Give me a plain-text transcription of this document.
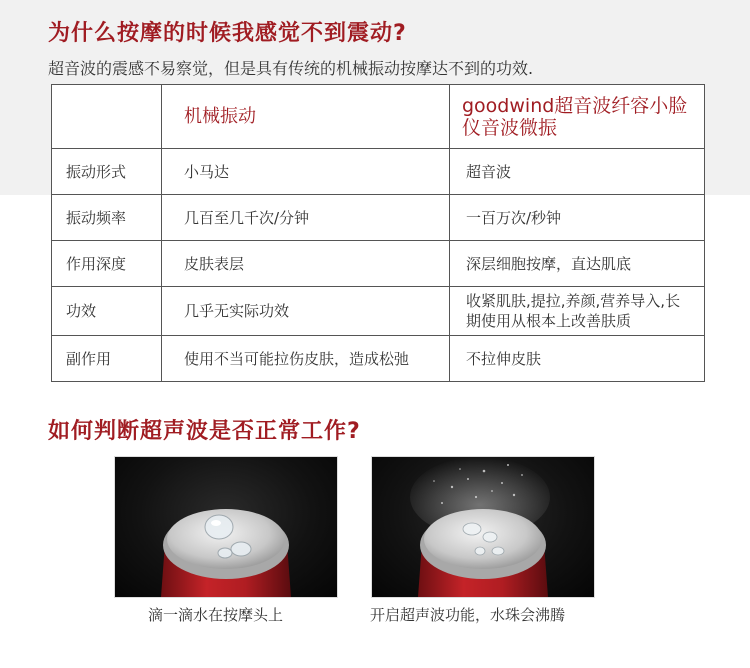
为什么按摩的时候我感觉不到震动?
超音波的震感不易察觉，但是具有传统的机械振动按摩达不到的功效.
	机械振动	goodwind超音波纤容小脸仪音波微振
振动形式	小马达	超音波
振动频率	几百至几千次/分钟	一百万次/秒钟
作用深度	皮肤表层	深层细胞按摩，直达肌底
功效	几乎无实际功效	收紧肌肤,提拉,养颜,营养导入,长期使用从根本上改善肤质
副作用	使用不当可能拉伤皮肤，造成松弛	不拉伸皮肤
如何判断超声波是否正常工作?
滴一滴水在按摩头上	开启超声波功能，水珠会沸腾
